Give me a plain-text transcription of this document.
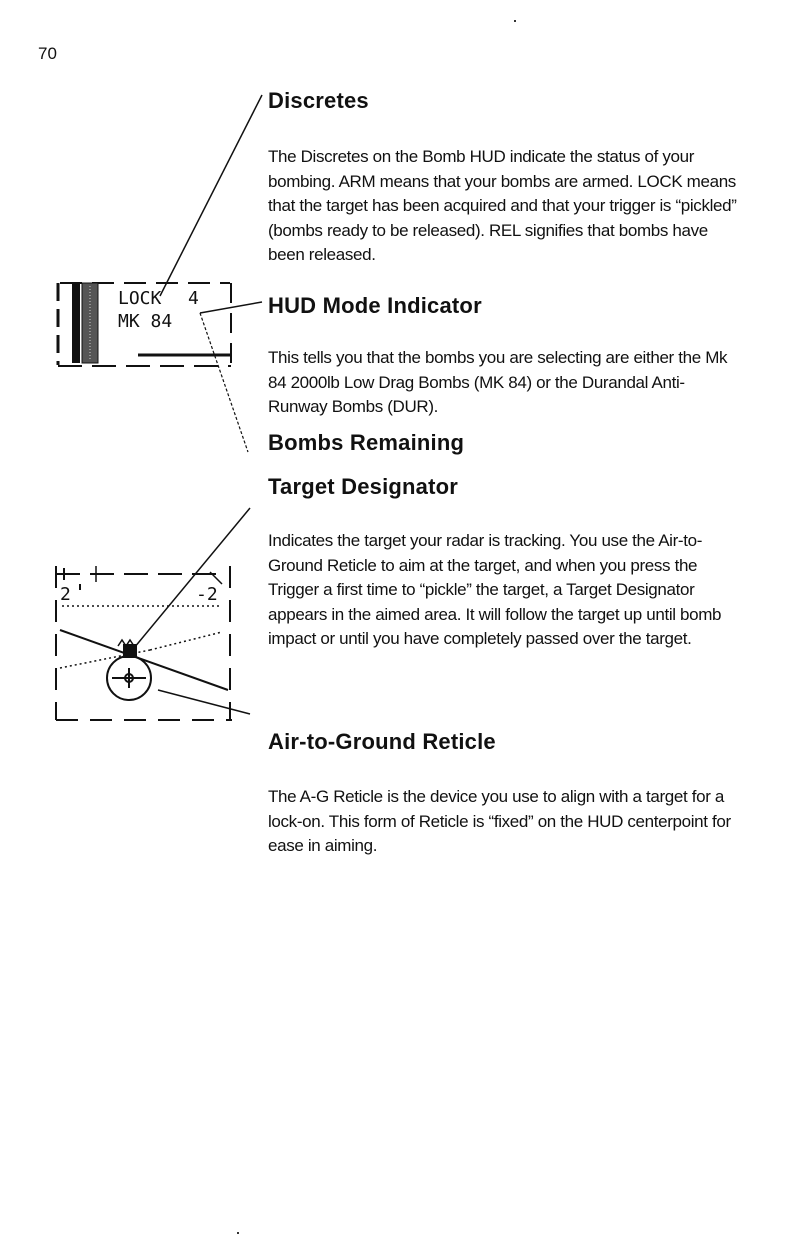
70
Discretes
The Discretes on the Bomb HUD indicate the status of your bombing. ARM means that your bombs are armed. LOCK means that the target has been acquired and that your trigger is “pickled” (bombs ready to be released). REL signifies that bombs have been released.
HUD Mode Indicator
This tells you that the bombs you are selecting are either the Mk 84 2000lb Low Drag Bombs (MK 84) or the Durandal Anti-Runway Bombs (DUR).
Bombs Remaining
Target Designator
Indicates the target your radar is tracking. You use the Air-to-Ground Reticle to aim at the target, and when you press the Trigger a first time to “pickle” the target, a Target Designator appears in the aimed area. It will follow the target up until bomb impact or until you have completely passed over the target.
Air-to-Ground Reticle
The A-G Reticle is the device you use to align with a target for a lock-on. This form of Reticle is “fixed” on the HUD centerpoint for ease in aiming.
LOCK 4
MK 84
2	-2
